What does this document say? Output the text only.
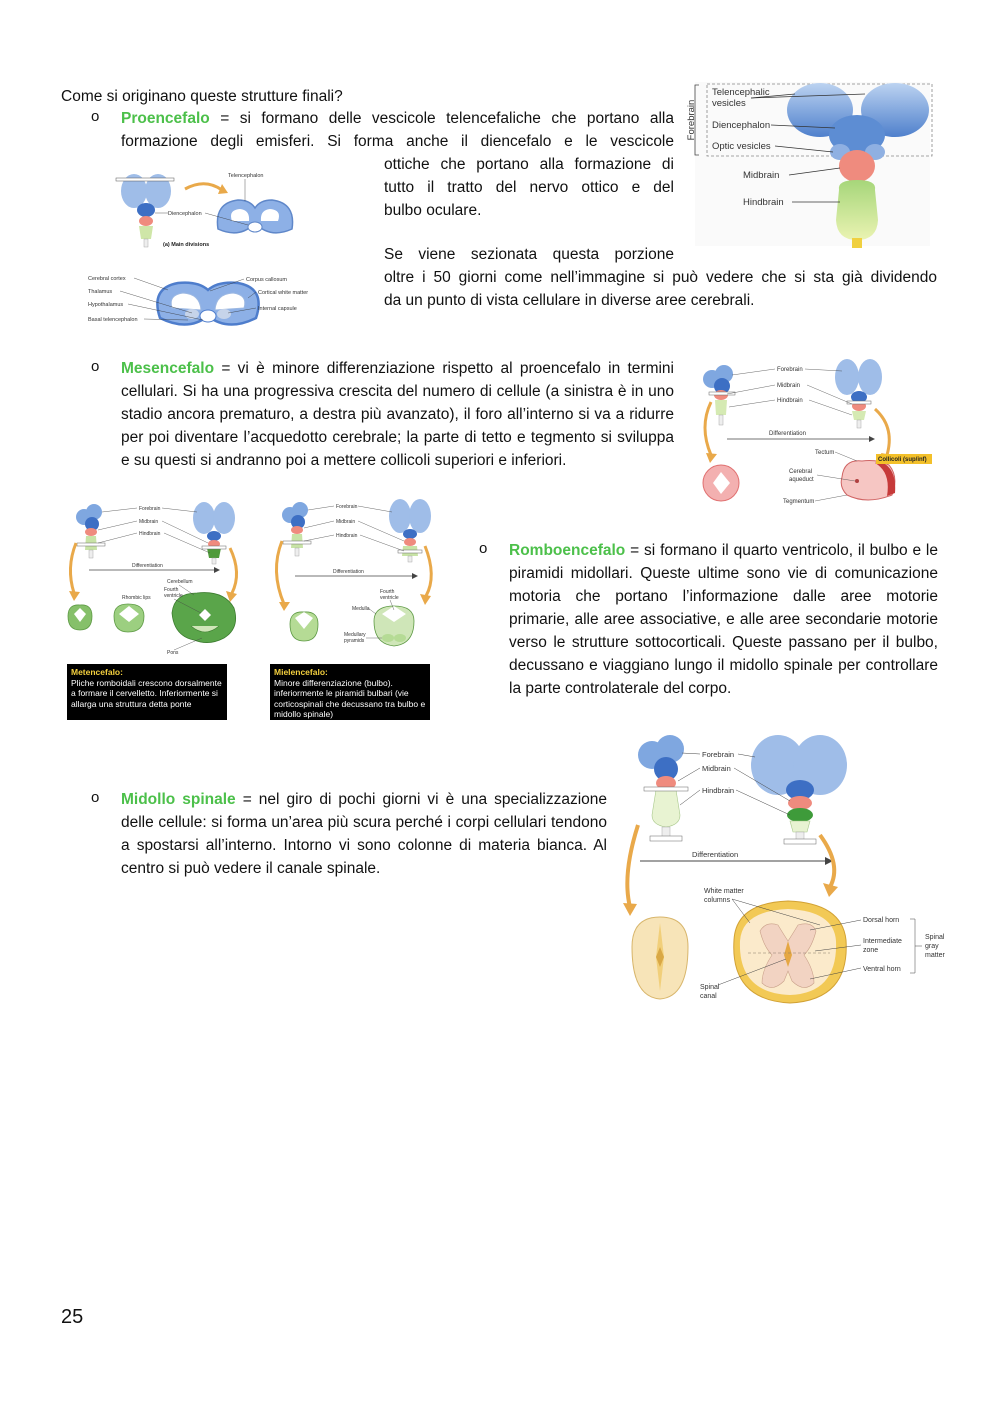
Come si originano queste strutture finali?
o Proencefalo = si formano delle vescicole telencefaliche che portano alla
formazione degli emisferi. Si forma anche il diencefalo e le vescicole
ottiche che portano alla formazione di
tutto il tratto del nervo ottico e del
bulbo oculare.
Se viene sezionata questa porzione
oltre i 50 giorni come nell’immagine si può vedere che si sta già dividendo
da un punto di vista cellulare in diverse aree cerebrali.
o Mesencefalo = vi è minore differenziazione rispetto al proencefalo in termini cellulari. Si ha una progressiva crescita del numero di cellule (a sinistra è in uno stadio ancora prematuro, a destra più avanzato), il foro all’interno si va a ridurre per poi diventare l’acquedotto cerebrale; la parte di tetto e tegmento si sviluppa e su questi si andranno poi a mettere collicoli superiori e inferiori.
o Romboencefalo = si formano il quarto ventricolo, il bulbo e le piramidi midollari. Queste ultime sono vie di comunicazione motoria che portano l’informazione dalle aree motorie primarie, alle aree associative, e alle aree secondarie motorie verso le strutture sottocorticali. Queste passano per il bulbo, decussano e viaggiano lungo il midollo spinale per controllare la parte controlaterale del corpo.
o Midollo spinale = nel giro di pochi giorni vi è una specializzazione delle cellule: si forma un’area più scura perché i corpi cellulari tendono a spostarsi all’interno. Intorno vi sono colonne di materia bianca. Al centro si può vedere il canale spinale.
25
Forebrain
Telencephalic
vesicles
Diencephalon
Optic vesicles
Midbrain
Hindbrain
Telencephalon
Diencephalon
(a) Main divisions
Cerebral cortex
Thalamus
Hypothalamus
Basal telencephalon
Corpus callosum
Cortical white matter
Internal capsule
Forebrain
Midbrain
Hindbrain
Differentiation
Tectum
Collicoli (sup/inf)
Cerebral
aqueduct
Tegmentum
Forebrain
Midbrain
Hindbrain
Differentiation
Cerebellum
Rhombic lips
Fourth
ventricle
Pons
Metencefalo:
Pliche romboidali crescono dorsalmente a formare il cervelletto. Inferiormente si allarga una struttura detta ponte
Forebrain
Midbrain
Hindbrain
Differentiation
Fourth
ventricle
Medulla
Medullary
pyramids
Mielencefalo:
Minore differenziazione (bulbo). inferiormente le piramidi bulbari (vie corticospinali che decussano tra bulbo e midollo spinale)
Forebrain
Midbrain
Hindbrain
Differentiation
White matter
columns
Dorsal horn
Intermediate
zone
Ventral horn
Spinal
gray
matter
Spinal
canal
